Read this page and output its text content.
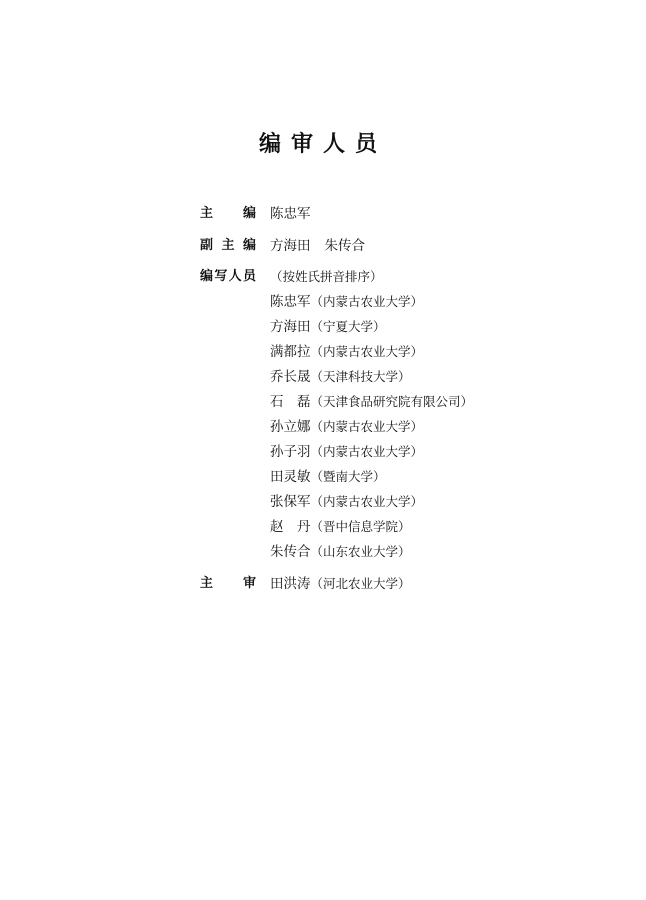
编审人员
主 编 陈忠军
副 主 编 方海田 朱传合
编 写 人 员 （按姓氏拼音排序）
陈忠军（内蒙古农业大学）
方海田（宁夏大学）
满都拉（内蒙古农业大学）
乔长晟（天津科技大学）
石　磊（天津食品研究院有限公司）
孙立娜（内蒙古农业大学）
孙子羽（内蒙古农业大学）
田灵敏（暨南大学）
张保军（内蒙古农业大学）
赵　丹（晋中信息学院）
朱传合（山东农业大学）
主 审 田洪涛（河北农业大学）
